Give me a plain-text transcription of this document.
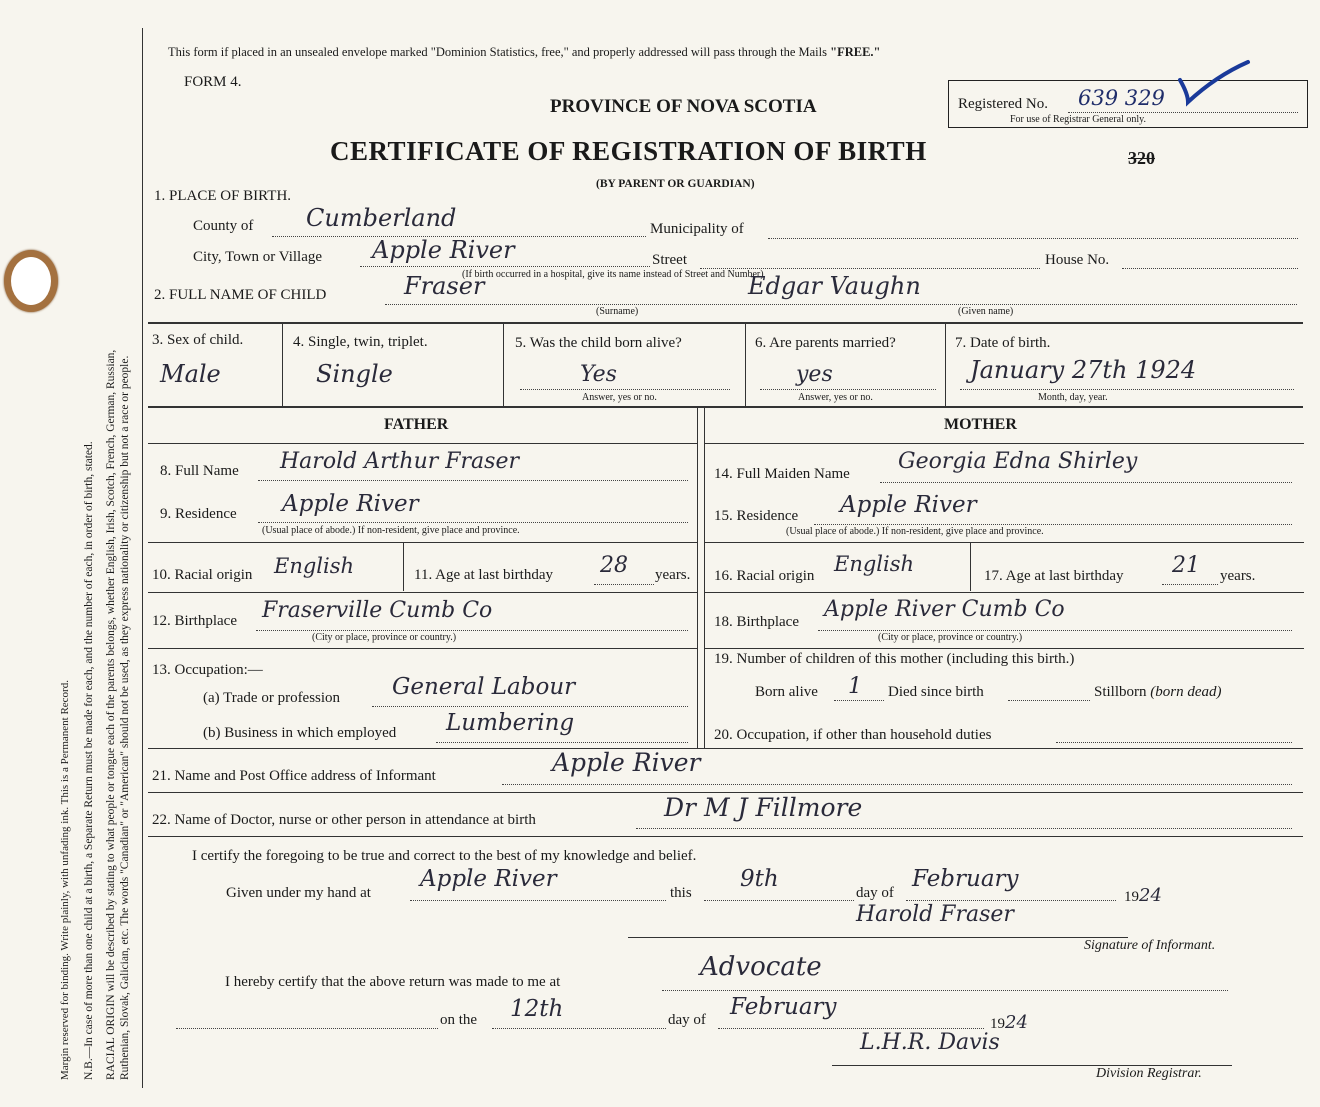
Margin reserved for binding. Write plainly, with unfading ink. This is a Permanent Record. N.B.—In case of more than one child at a birth, a Separate Return must be made for each, and the number of each, in order of birth, stated. RACIAL ORIGIN will be described by stating to what people or tongue each of the parents belongs, whether English, Irish, Scotch, French, German, Russian, Ruthenian, Slovak, Galician, etc. The words "Canadian" or "American" should not be used, as they express nationality or citizenship but not a race or people.
This form if placed in an unsealed envelope marked "Dominion Statistics, free," and properly addressed will pass through the Mails "FREE."
FORM 4.
PROVINCE OF NOVA SCOTIA	Registered No. 639 329
For use of Registrar General only.
CERTIFICATE OF REGISTRATION OF BIRTH	320
(BY PARENT OR GUARDIAN)
1. PLACE OF BIRTH.
County of Cumberland	Municipality of
City, Town or Village Apple River	Street	House No.
(If birth occurred in a hospital, give its name instead of Street and Number)
2. FULL NAME OF CHILD	Fraser	Edgar Vaughn
(Surname)	(Given name)
3. Sex of child.
Male
4. Single, twin, triplet.
Single
5. Was the child born alive?
Yes
Answer, yes or no.
6. Are parents married?
yes
Answer, yes or no.
7. Date of birth.
January 27th 1924
Month, day, year.
FATHER	MOTHER
8. Full Name Harold Arthur Fraser
9. Residence Apple River
(Usual place of abode.) If non-resident, give place and province.
10. Racial origin English	11. Age at last birthday 28 years.
12. Birthplace Fraserville Cumb Co
(City or place, province or country.)
13. Occupation:—
(a) Trade or profession General Labour
(b) Business in which employed Lumbering
14. Full Maiden Name Georgia Edna Shirley
15. Residence Apple River
(Usual place of abode.) If non-resident, give place and province.
16. Racial origin English	17. Age at last birthday 21 years.
18. Birthplace Apple River Cumb Co
(City or place, province or country.)
19. Number of children of this mother (including this birth.)
Born alive 1 Died since birth	Stillborn (born dead)
20. Occupation, if other than household duties
21. Name and Post Office address of Informant	Apple River
22. Name of Doctor, nurse or other person in attendance at birth	Dr M J Fillmore
I certify the foregoing to be true and correct to the best of my knowledge and belief.
Given under my hand at
Apple River
this
9th
day of
February
1924
Harold Fraser
Signature of Informant.
I hereby certify that the above return was made to me at	Advocate
on the 12th	day of February
1924
L.H.R. Davis
Division Registrar.
